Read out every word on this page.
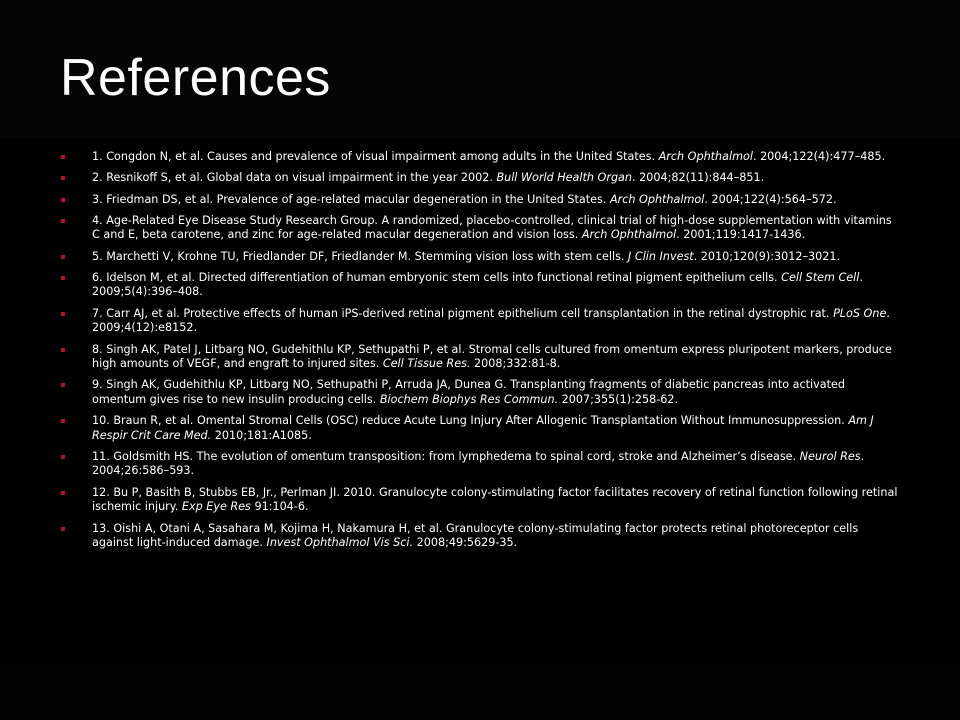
References
1. Congdon N, et al. Causes and prevalence of visual impairment among adults in the United States. Arch Ophthalmol. 2004;122(4):477–485.
2. Resnikoff S, et al. Global data on visual impairment in the year 2002. Bull World Health Organ. 2004;82(11):844–851.
3. Friedman DS, et al. Prevalence of age-related macular degeneration in the United States. Arch Ophthalmol. 2004;122(4):564–572.
4. Age-Related Eye Disease Study Research Group. A randomized, placebo-controlled, clinical trial of high-dose supplementation with vitamins C and E, beta carotene, and zinc for age-related macular degeneration and vision loss. Arch Ophthalmol. 2001;119:1417-1436.
5. Marchetti V, Krohne TU, Friedlander DF, Friedlander M. Stemming vision loss with stem cells. J Clin Invest. 2010;120(9):3012–3021.
6. Idelson M, et al. Directed differentiation of human embryonic stem cells into functional retinal pigment epithelium cells. Cell Stem Cell. 2009;5(4):396–408.
7. Carr AJ, et al. Protective effects of human iPS-derived retinal pigment epithelium cell transplantation in the retinal dystrophic rat. PLoS One. 2009;4(12):e8152.
8. Singh AK, Patel J, Litbarg NO, Gudehithlu KP, Sethupathi P, et al. Stromal cells cultured from omentum express pluripotent markers, produce high amounts of VEGF, and engraft to injured sites. Cell Tissue Res. 2008;332:81-8.
9. Singh AK, Gudehithlu KP, Litbarg NO, Sethupathi P, Arruda JA, Dunea G. Transplanting fragments of diabetic pancreas into activated omentum gives rise to new insulin producing cells. Biochem Biophys Res Commun. 2007;355(1):258-62.
10. Braun R, et al. Omental Stromal Cells (OSC) reduce Acute Lung Injury After Allogenic Transplantation Without Immunosuppression. Am J Respir Crit Care Med. 2010;181:A1085.
11. Goldsmith HS. The evolution of omentum transposition: from lymphedema to spinal cord, stroke and Alzheimer’s disease. Neurol Res. 2004;26:586–593.
12. Bu P, Basith B, Stubbs EB, Jr., Perlman JI. 2010. Granulocyte colony-stimulating factor facilitates recovery of retinal function following retinal ischemic injury. Exp Eye Res 91:104-6.
13. Oishi A, Otani A, Sasahara M, Kojima H, Nakamura H, et al. Granulocyte colony-stimulating factor protects retinal photoreceptor cells against light-induced damage. Invest Ophthalmol Vis Sci. 2008;49:5629-35.
